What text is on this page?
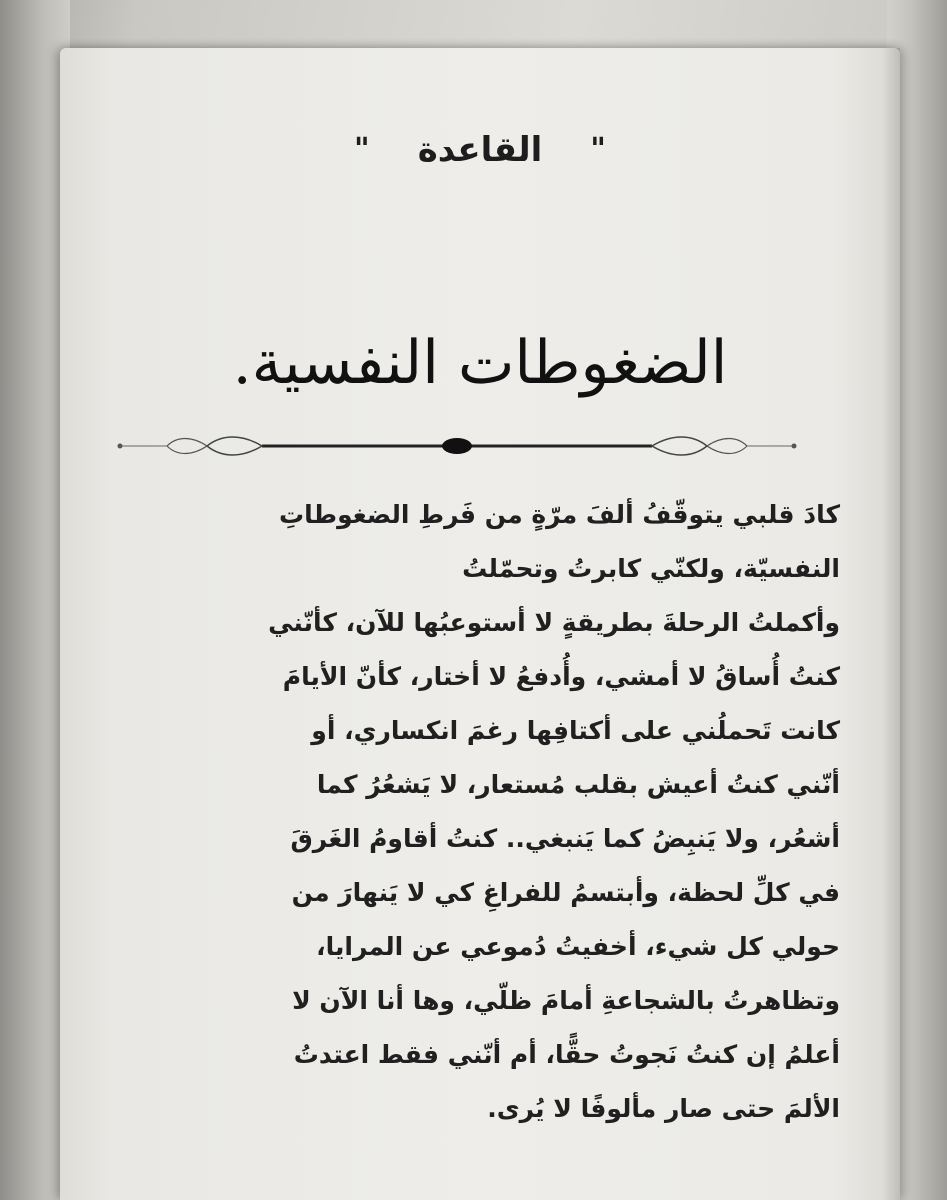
"القاعدة"
الضغوطات النفسية.
كادَ قلبي يتوقّفُ ألفَ مرّةٍ من فَرطِ الضغوطاتِ
النفسيّة، ولكنّي كابرتُ وتحمّلتُ
وأكملتُ الرحلةَ بطريقةٍ لا أستوعبُها للآن، كأنّني
كنتُ أُساقُ لا أمشي، وأُدفعُ لا أختار، كأنّ الأيامَ
كانت تَحملُني على أكتافِها رغمَ انكساري، أو
أنّني كنتُ أعيش بقلب مُستعار، لا يَشعُرُ كما
أشعُر، ولا يَنبِضُ كما يَنبغي.. كنتُ أقاومُ الغَرقَ
في كلِّ لحظة، وأبتسمُ للفراغِ كي لا يَنهارَ من
حولي كل شيء، أخفيتُ دُموعي عن المرايا،
وتظاهرتُ بالشجاعةِ أمامَ ظلّي، وها أنا الآن لا
أعلمُ إن كنتُ نَجوتُ حقًّا، أم أنّني فقط اعتدتُ
الألمَ حتى صار مألوفًا لا يُرى.
